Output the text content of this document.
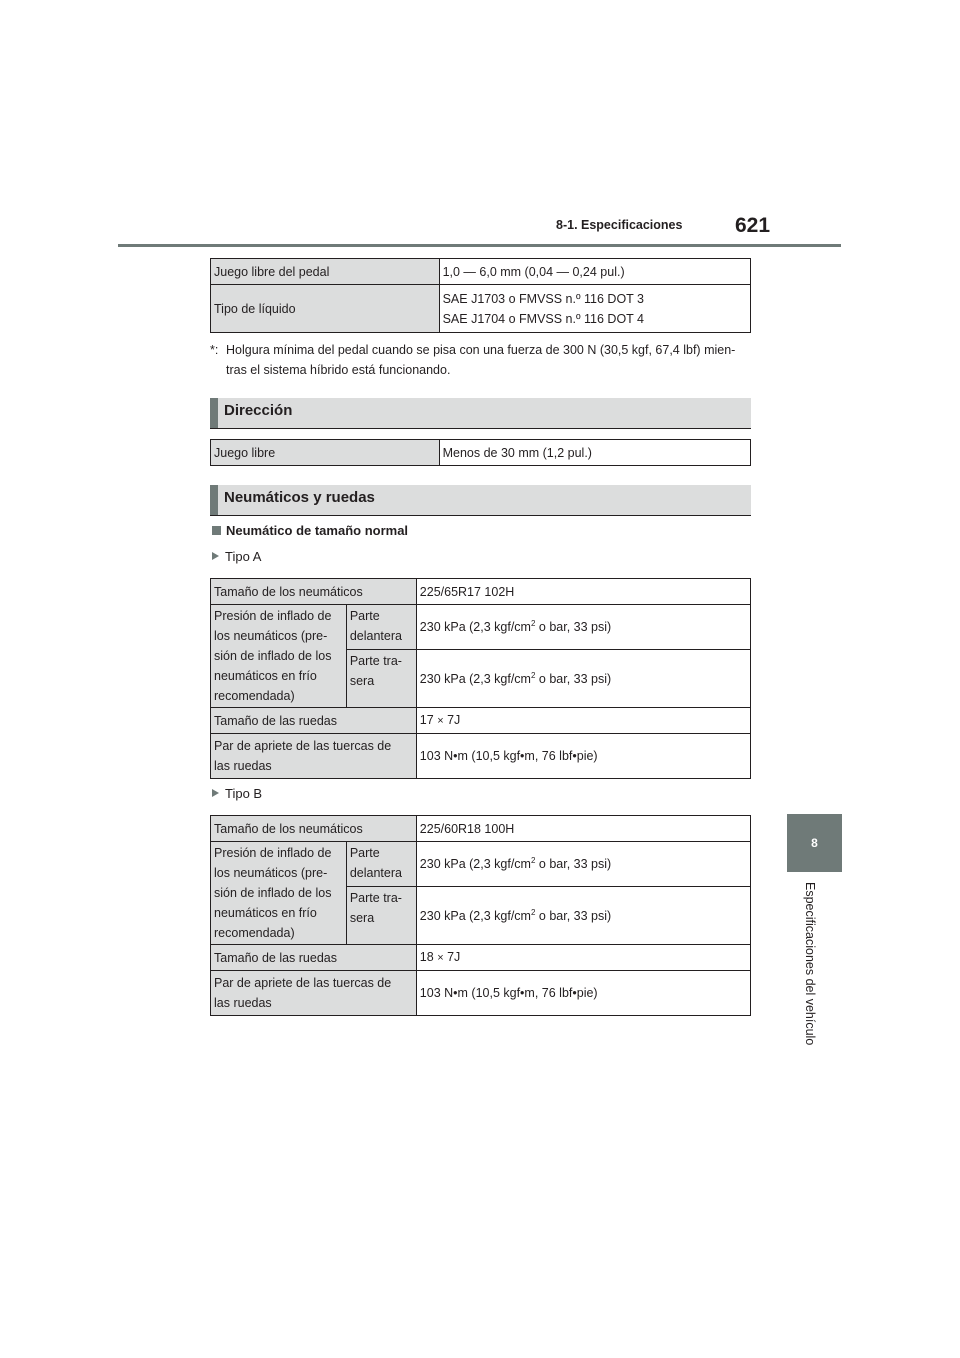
8-1. Especificaciones	621
8
Especificaciones del vehículo
Juego libre del pedal	1,0 — 6,0 mm (0,04 — 0,24 pul.)
Tipo de líquido	SAE J1703 o FMVSS n.º 116 DOT 3
SAE J1704 o FMVSS n.º 116 DOT 4
*: Holgura mínima del pedal cuando se pisa con una fuerza de 300 N (30,5 kgf, 67,4 lbf) mien- tras el sistema híbrido está funcionando.
Dirección
Juego libre	Menos de 30 mm (1,2 pul.)
Neumáticos y ruedas
Neumático de tamaño normal
Tipo A
Tamaño de los neumáticos		225/65R17 102H

Presión de inflado de
los neumáticos (pre-
sión de inflado de los
neumáticos en frío
recomendada)	Parte
delantera	230 kPa (2,3 kgf/$cm^2$ o bar, 33 psi)

	Parte tra-
sera	230 kPa (2,3 kgf/$cm^2$ o bar, 33 psi)
Tamaño de las ruedas		17 × 7J

Par de apriete de las tuercas de
las ruedas		103 N•m (10,5 kgf•m, 76 lbf•pie)
Tipo B
Tamaño de los neumáticos		225/60R18 100H

Presión de inflado de
los neumáticos (pre-
sión de inflado de los
neumáticos en frío
recomendada)	Parte
delantera	230 kPa (2,3 kgf/$cm^2$ o bar, 33 psi)

	Parte tra-
sera	230 kPa (2,3 kgf/$cm^2$ o bar, 33 psi)
Tamaño de las ruedas		18 × 7J

Par de apriete de las tuercas de
las ruedas		103 N•m (10,5 kgf•m, 76 lbf•pie)
